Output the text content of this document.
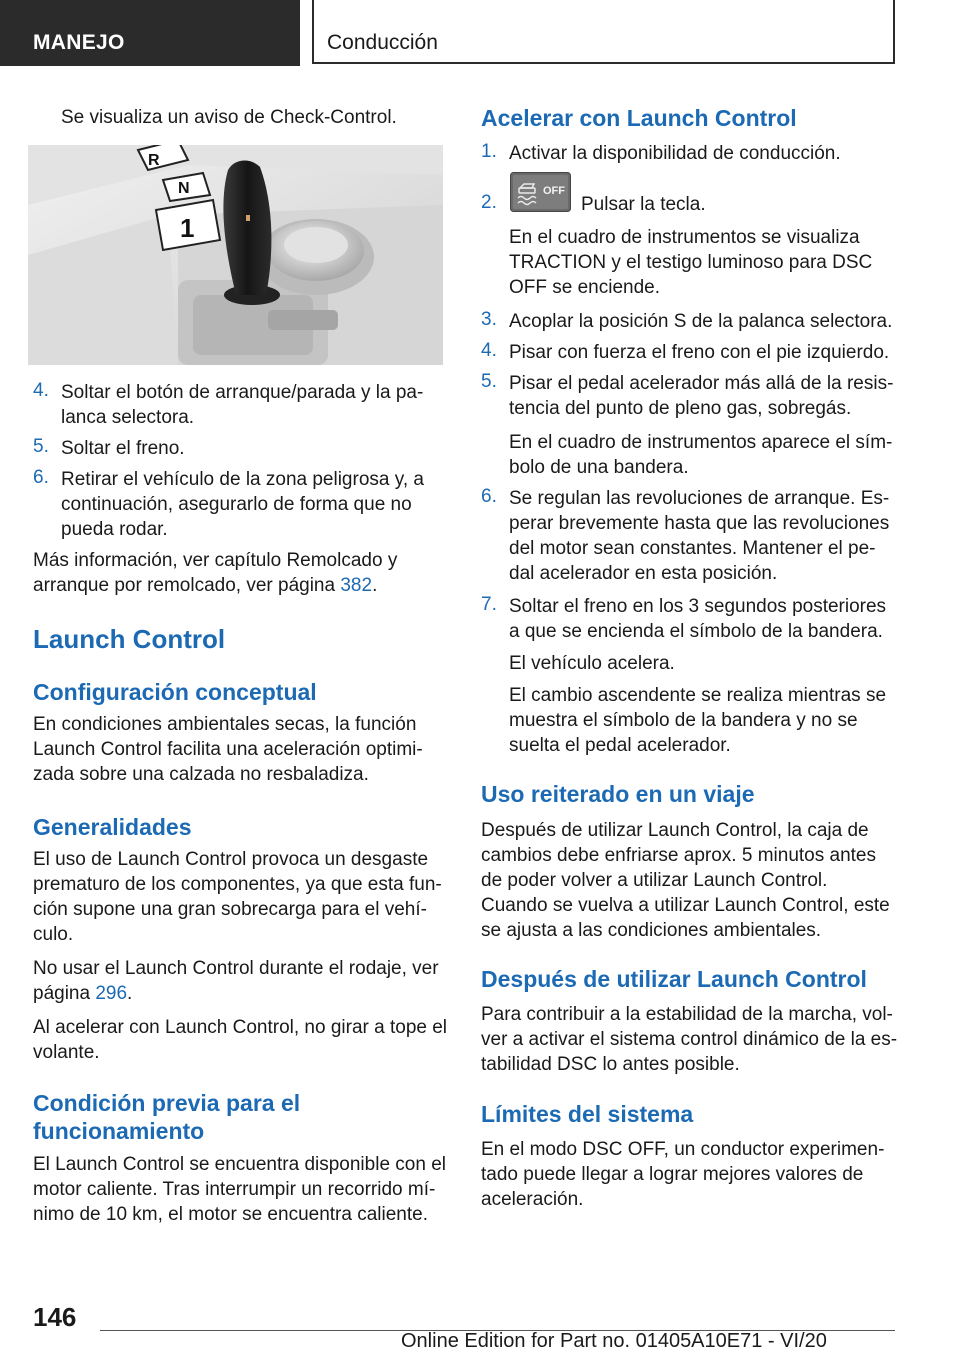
MANEJO	Conducción

Se visualiza un aviso de Check-Control.

R
N
1
4. Soltar el botón de arranque/parada y la pa-

lanca selectora.

5. Soltar el freno.

6. Retirar el vehículo de la zona peligrosa y, a

continuación, asegurarlo de forma que no

pueda rodar.

Más información, ver capítulo Remolcado y

arranque por remolcado, ver página 382.

Launch Control
Configuración conceptual

En condiciones ambientales secas, la función

Launch Control facilita una aceleración optimi-

zada sobre una calzada no resbaladiza.

Generalidades

El uso de Launch Control provoca un desgaste

prematuro de los componentes, ya que esta fun-

ción supone una gran sobrecarga para el vehí-

culo.

No usar el Launch Control durante el rodaje, ver

página 296.

Al acelerar con Launch Control, no girar a tope el

volante.

Condición previa para el
funcionamiento

El Launch Control se encuentra disponible con el

motor caliente. Tras interrumpir un recorrido mí-

nimo de 10 km, el motor se encuentra caliente.

Acelerar con Launch Control
1. Activar la disponibilidad de conducción.

2.
OFF

Pulsar la tecla.

En el cuadro de instrumentos se visualiza

TRACTION y el testigo luminoso para DSC

OFF se enciende.

3. Acoplar la posición S de la palanca selectora.

4. Pisar con fuerza el freno con el pie izquierdo.

5. Pisar el pedal acelerador más allá de la resis-

tencia del punto de pleno gas, sobregás.

En el cuadro de instrumentos aparece el sím-

bolo de una bandera.

6. Se regulan las revoluciones de arranque. Es-

perar brevemente hasta que las revoluciones

del motor sean constantes. Mantener el pe-

dal acelerador en esta posición.

7. Soltar el freno en los 3 segundos posteriores

a que se encienda el símbolo de la bandera.

El vehículo acelera.

El cambio ascendente se realiza mientras se

muestra el símbolo de la bandera y no se

suelta el pedal acelerador.

Uso reiterado en un viaje

Después de utilizar Launch Control, la caja de

cambios debe enfriarse aprox. 5 minutos antes

de poder volver a utilizar Launch Control.

Cuando se vuelva a utilizar Launch Control, este

se ajusta a las condiciones ambientales.

Después de utilizar Launch Control

Para contribuir a la estabilidad de la marcha, vol-

ver a activar el sistema control dinámico de la es-

tabilidad DSC lo antes posible.

Límites del sistema

En el modo DSC OFF, un conductor experimen-

tado puede llegar a lograr mejores valores de

aceleración.

146
Online Edition for Part no. 01405A10E71 - VI/20
